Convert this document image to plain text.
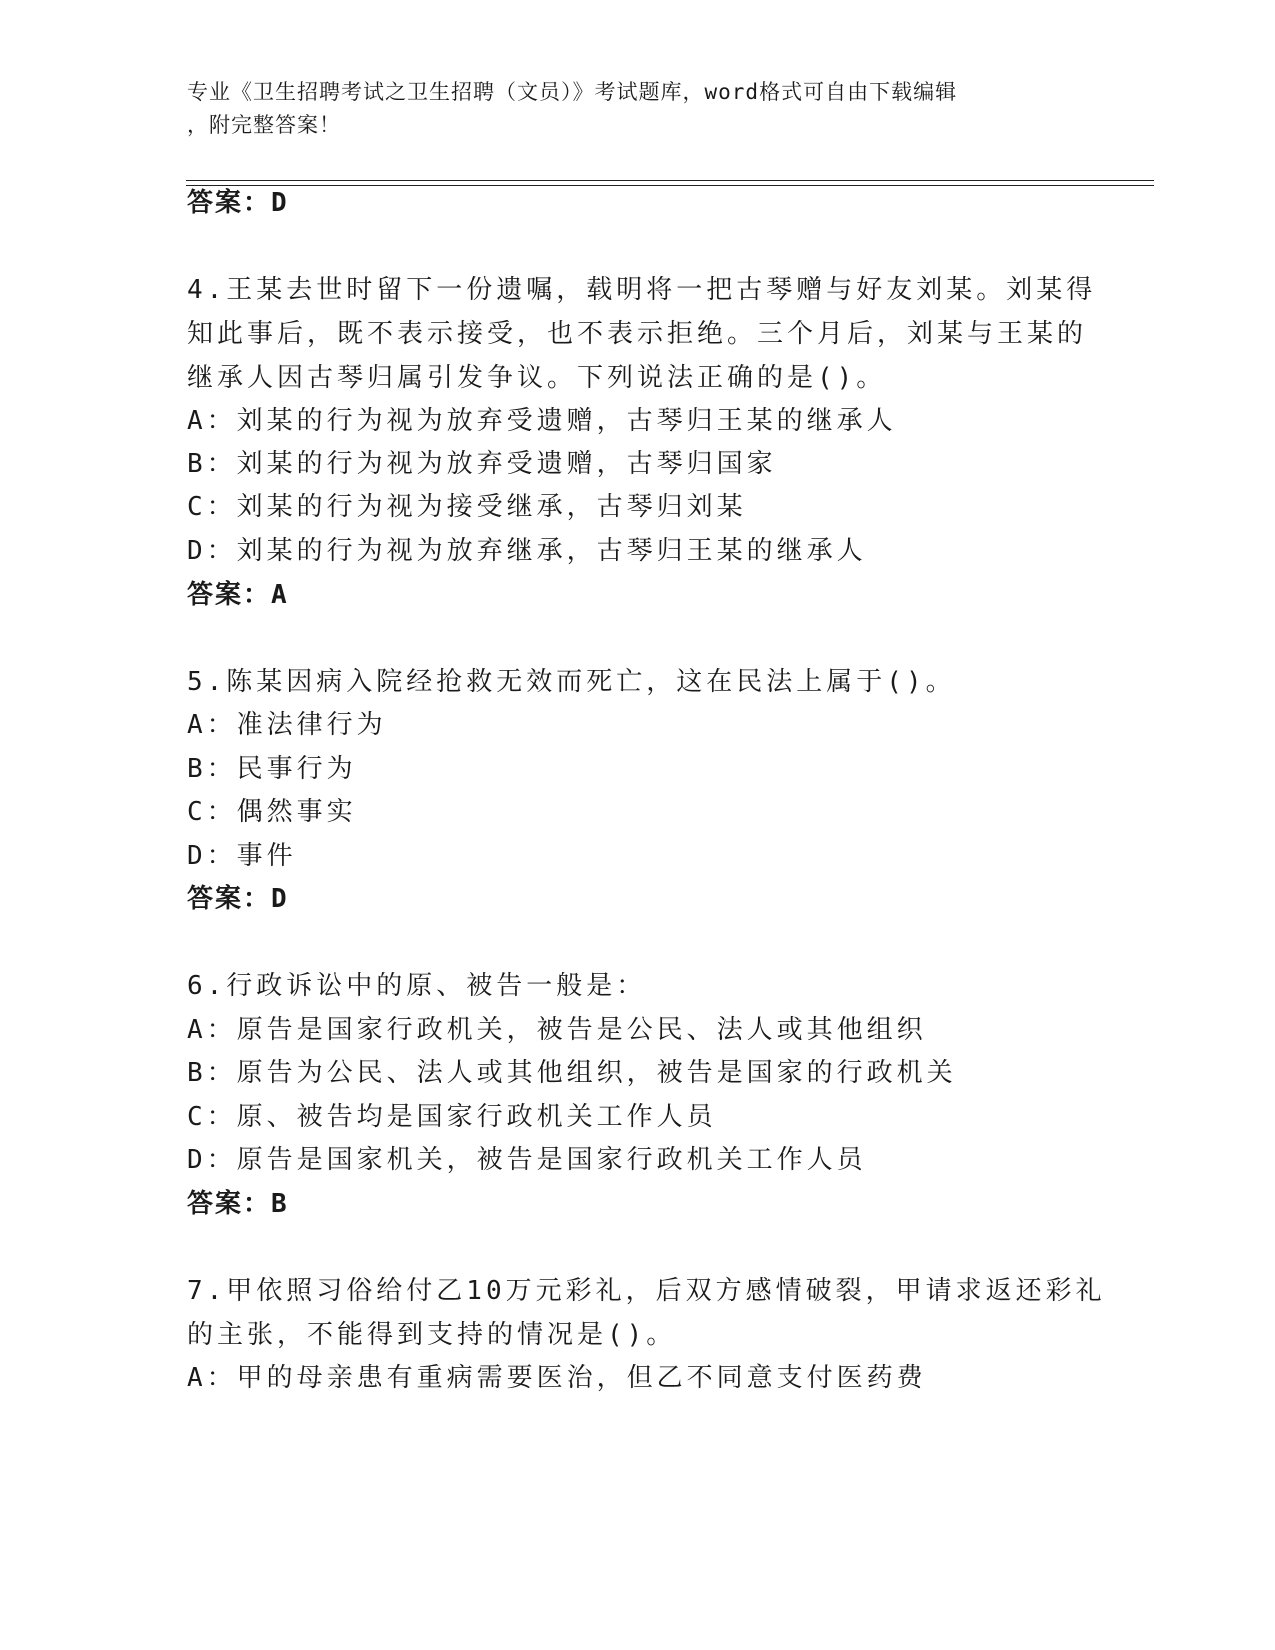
专业《卫生招聘考试之卫生招聘（文员）》考试题库，word格式可自由下载编辑
，附完整答案！
答案：D
4.王某去世时留下一份遗嘱，载明将一把古琴赠与好友刘某。刘某得
知此事后，既不表示接受，也不表示拒绝。三个月后，刘某与王某的
继承人因古琴归属引发争议。下列说法正确的是()。
A：刘某的行为视为放弃受遗赠，古琴归王某的继承人
B：刘某的行为视为放弃受遗赠，古琴归国家
C：刘某的行为视为接受继承，古琴归刘某
D：刘某的行为视为放弃继承，古琴归王某的继承人
答案：A
5.陈某因病入院经抢救无效而死亡，这在民法上属于()。
A：准法律行为
B：民事行为
C：偶然事实
D：事件
答案：D
6.行政诉讼中的原、被告一般是：
A：原告是国家行政机关，被告是公民、法人或其他组织
B：原告为公民、法人或其他组织，被告是国家的行政机关
C：原、被告均是国家行政机关工作人员
D：原告是国家机关，被告是国家行政机关工作人员
答案：B
7.甲依照习俗给付乙10万元彩礼，后双方感情破裂，甲请求返还彩礼
的主张，不能得到支持的情况是()。
A：甲的母亲患有重病需要医治，但乙不同意支付医药费
